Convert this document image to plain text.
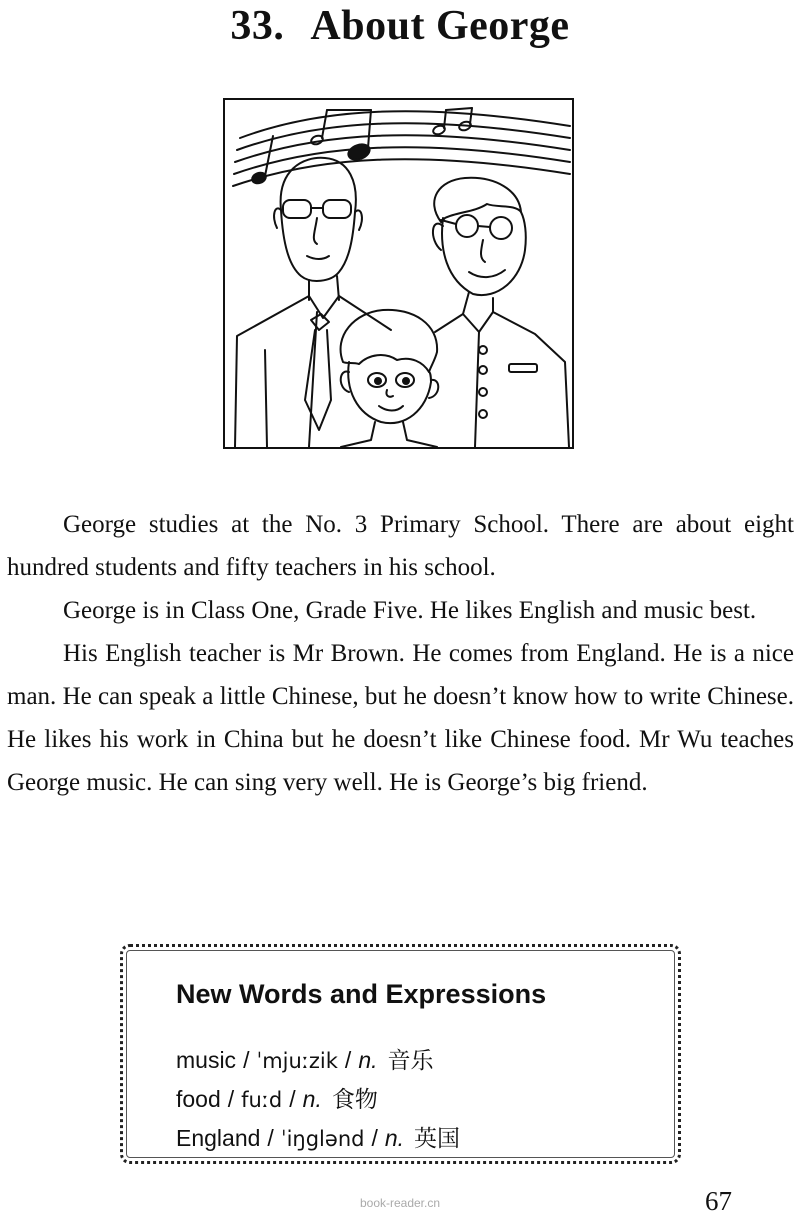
33. About George

George studies at the No. 3 Primary School. There are about eight hundred students and fifty teachers in his school.

George is in Class One, Grade Five. He likes English and music best.

His English teacher is Mr Brown. He comes from England. He is a nice man. He can speak a little Chinese, but he doesn’t know how to write Chinese. He likes his work in China but he doesn’t like Chinese food. Mr Wu teaches George music. He can sing very well. He is George’s big friend.

New Words and Expressions
music / ˈmjuːzik / n. 音乐
food / fuːd / n. 食物
England / ˈiŋglənd / n. 英国
book-reader.cn	67
